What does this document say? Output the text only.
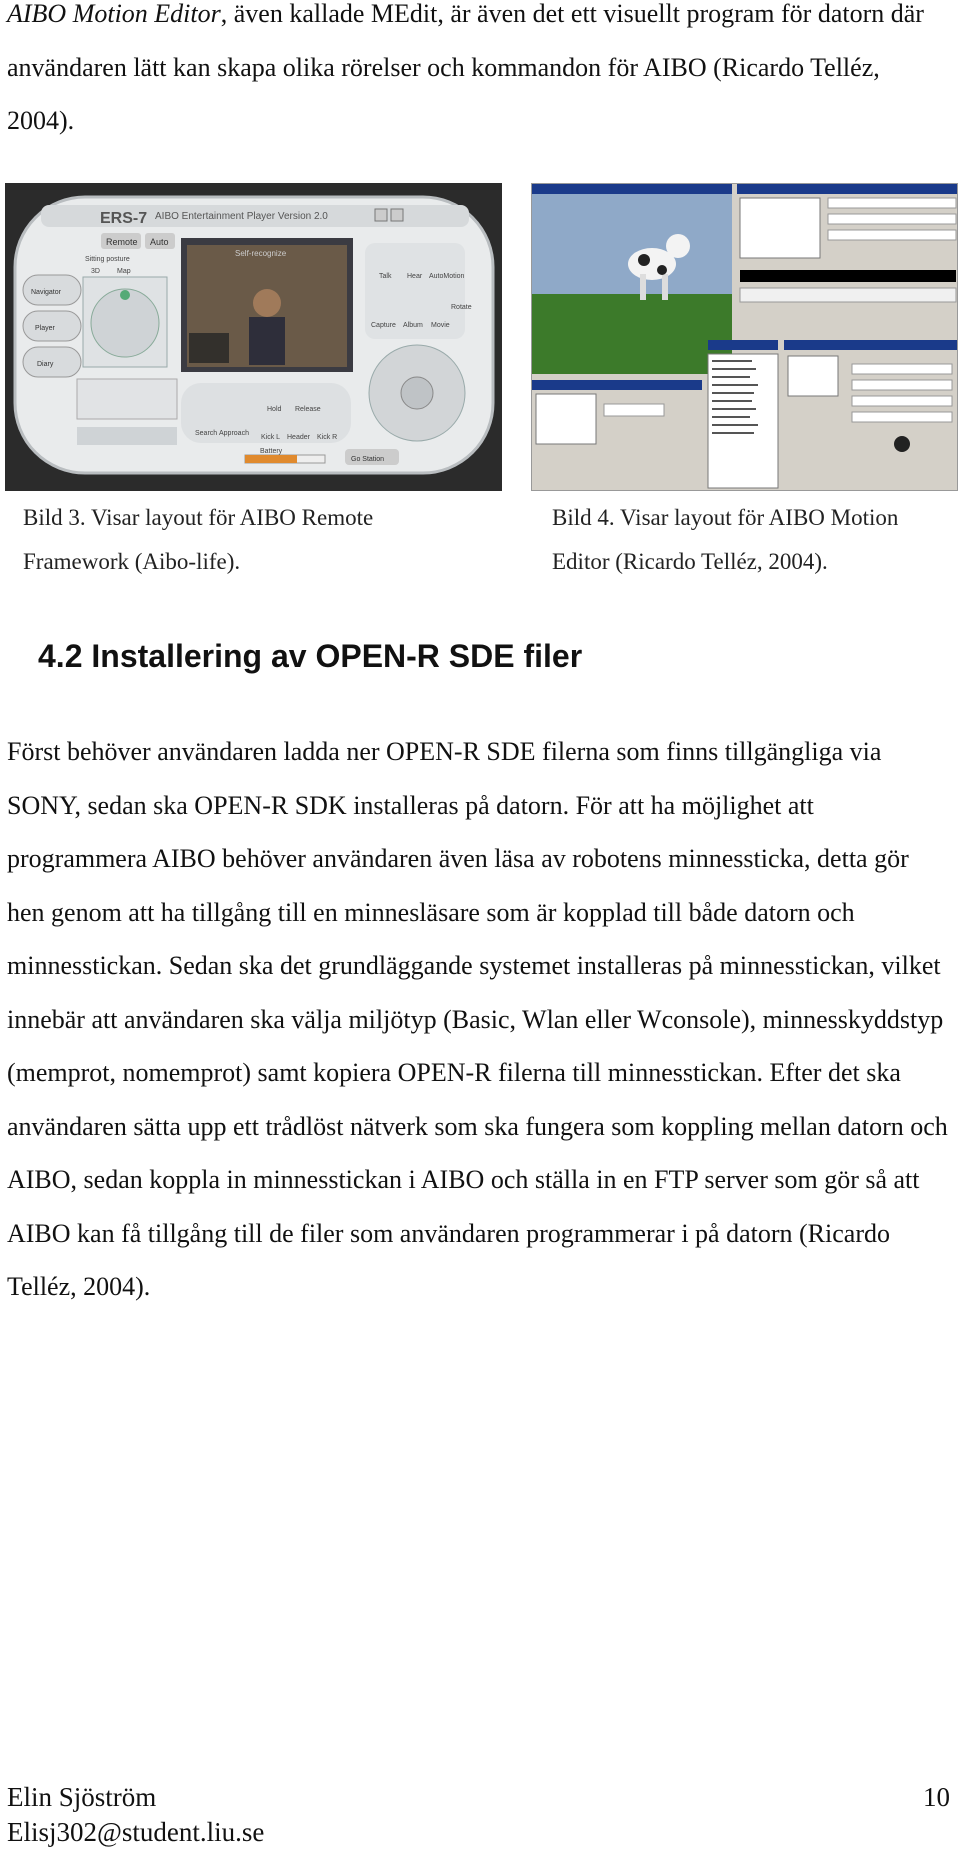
AIBO Motion Editor, även kallade MEdit, är även det ett visuellt program för datorn där användaren lätt kan skapa olika rörelser och kommandon för AIBO (Ricardo Telléz, 2004).

ERS-7 AIBO Entertainment Player Version 2.0
Remote Auto
Sitting posture
3D Map
Self-recognize
Talk Hear AutoMotion
Capture Album Movie
Rotate
Navigator
Player
Diary
Search Approach
Hold Release
Kick L Header Kick R
Battery
Go Station
Bild 3. Visar layout för AIBO Remote Framework (Aibo-life).
Bild 4. Visar layout för AIBO Motion Editor (Ricardo Telléz, 2004).
4.2 Installering av OPEN-R SDE filer

Först behöver användaren ladda ner OPEN-R SDE filerna som finns tillgängliga via SONY, sedan ska OPEN-R SDK installeras på datorn. För att ha möjlighet att programmera AIBO behöver användaren även läsa av robotens minnessticka, detta gör hen genom att ha tillgång till en minnesläsare som är kopplad till både datorn och minnesstickan. Sedan ska det grundläggande systemet installeras på minnesstickan, vilket innebär att användaren ska välja miljötyp (Basic, Wlan eller Wconsole), minnesskyddstyp (memprot, nomemprot) samt kopiera OPEN-R filerna till minnesstickan. Efter det ska användaren sätta upp ett trådlöst nätverk som ska fungera som koppling mellan datorn och AIBO, sedan koppla in minnesstickan i AIBO och ställa in en FTP server som gör så att AIBO kan få tillgång till de filer som användaren programmerar i på datorn (Ricardo Telléz, 2004).

Elin Sjöström
Elisj302@student.liu.se
10
